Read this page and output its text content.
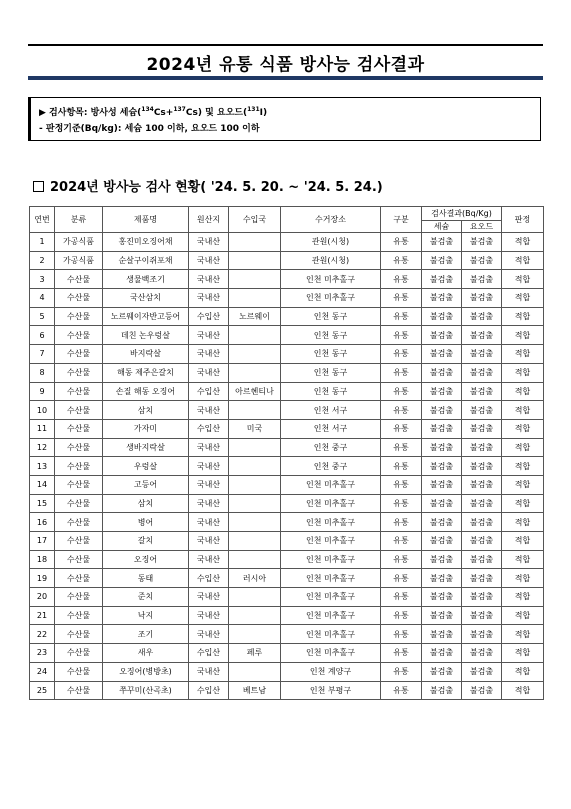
2024년 유통 식품 방사능 검사결과
▶ 검사항목: 방사성 세슘($^{134}$Cs+$^{137}$Cs) 및 요오드($^{131}$I)
- 판정기준(Bq/kg): 세슘 100 이하, 요오드 100 이하
2024년 방사능 검사 현황( '24. 5. 20. ~ '24. 5. 24.)
연번	분류	제품명	원산지	수입국	수거장소	구분	검사결과(Bq/Kg)		판정
							세슘	요오드	
1	가공식품	홍진미오징어채	국내산		관원(시청)	유통	불검출	불검출	적합
2	가공식품	순살구이쥐포채	국내산		관원(시청)	유통	불검출	불검출	적합
3	수산물	생물백조기	국내산		인천 미추홀구	유통	불검출	불검출	적합
4	수산물	국산삼치	국내산		인천 미추홀구	유통	불검출	불검출	적합
5	수산물	노르웨이자반고등어	수입산	노르웨이	인천 동구	유통	불검출	불검출	적합
6	수산물	데친 논우렁살	국내산		인천 동구	유통	불검출	불검출	적합
7	수산물	바지락살	국내산		인천 동구	유통	불검출	불검출	적합
8	수산물	해동 제주은갈치	국내산		인천 동구	유통	불검출	불검출	적합
9	수산물	손질 해동 오징어	수입산	아르헨티나	인천 동구	유통	불검출	불검출	적합
10	수산물	삼치	국내산		인천 서구	유통	불검출	불검출	적합
11	수산물	가자미	수입산	미국	인천 서구	유통	불검출	불검출	적합
12	수산물	생바지락살	국내산		인천 중구	유통	불검출	불검출	적합
13	수산물	우렁살	국내산		인천 중구	유통	불검출	불검출	적합
14	수산물	고등어	국내산		인천 미추홀구	유통	불검출	불검출	적합
15	수산물	삼치	국내산		인천 미추홀구	유통	불검출	불검출	적합
16	수산물	병어	국내산		인천 미추홀구	유통	불검출	불검출	적합
17	수산물	갈치	국내산		인천 미추홀구	유통	불검출	불검출	적합
18	수산물	오징어	국내산		인천 미추홀구	유통	불검출	불검출	적합
19	수산물	동태	수입산	러시아	인천 미추홀구	유통	불검출	불검출	적합
20	수산물	준치	국내산		인천 미추홀구	유통	불검출	불검출	적합
21	수산물	낙지	국내산		인천 미추홀구	유통	불검출	불검출	적합
22	수산물	조기	국내산		인천 미추홀구	유통	불검출	불검출	적합
23	수산물	새우	수입산	페루	인천 미추홀구	유통	불검출	불검출	적합
24	수산물	오징어(병방초)	국내산		인천 계양구	유통	불검출	불검출	적합
25	수산물	쭈꾸미(산곡초)	수입산	베트남	인천 부평구	유통	불검출	불검출	적합
